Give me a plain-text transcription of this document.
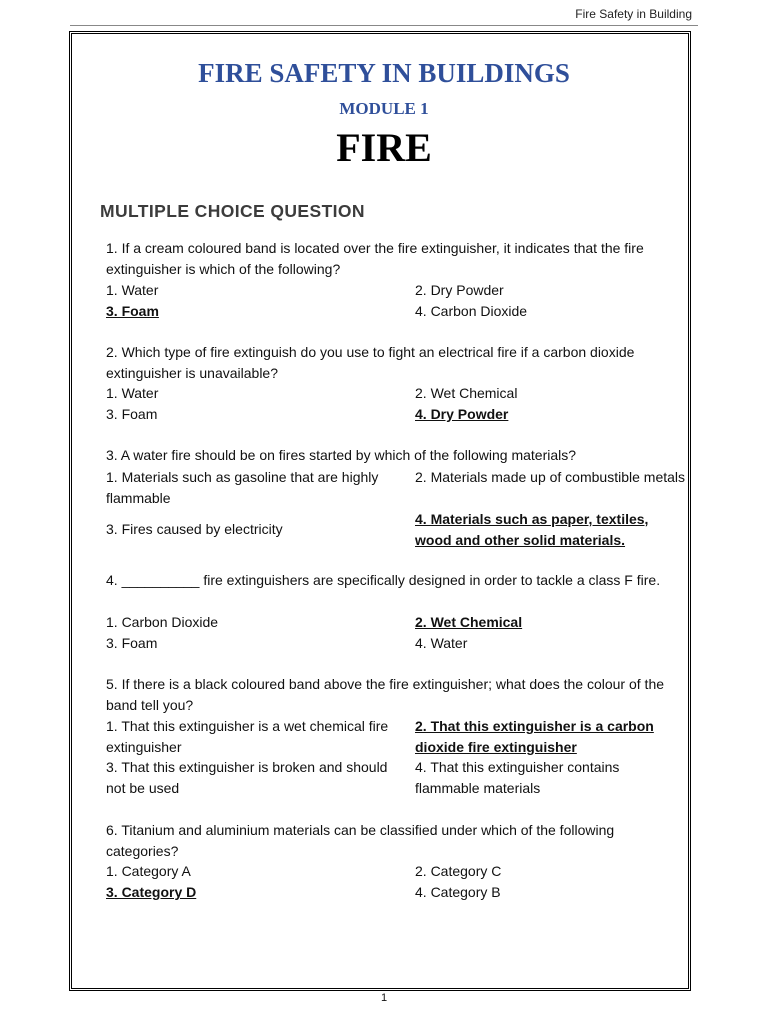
Fire Safety in Building
FIRE SAFETY IN BUILDINGS
MODULE 1
FIRE
MULTIPLE CHOICE QUESTION
1. If a cream coloured band is located over the fire extinguisher, it indicates that the fire extinguisher is which of the following?
1. Water	2. Dry Powder
3. Foam	4. Carbon Dioxide
2. Which type of fire extinguish do you use to fight an electrical fire if a carbon dioxide extinguisher is unavailable?
1. Water	2. Wet Chemical
3. Foam	4. Dry Powder
3. A water fire should be on fires started by which of the following materials?
1. Materials such as gasoline that are highly flammable
2. Materials made up of combustible metals
3. Fires caused by electricity
4. Materials such as paper, textiles, wood and other solid materials.
4. __________ fire extinguishers are specifically designed in order to tackle a class F fire.
1. Carbon Dioxide	2. Wet Chemical
3. Foam	4. Water
5. If there is a black coloured band above the fire extinguisher; what does the colour of the band tell you?
1. That this extinguisher is a wet chemical fire extinguisher
2. That this extinguisher is a carbon dioxide fire extinguisher
3. That this extinguisher is broken and should not be used
4. That this extinguisher contains flammable materials
6. Titanium and aluminium materials can be classified under which of the following categories?
1. Category A	2. Category C
3. Category D	4. Category B
1
